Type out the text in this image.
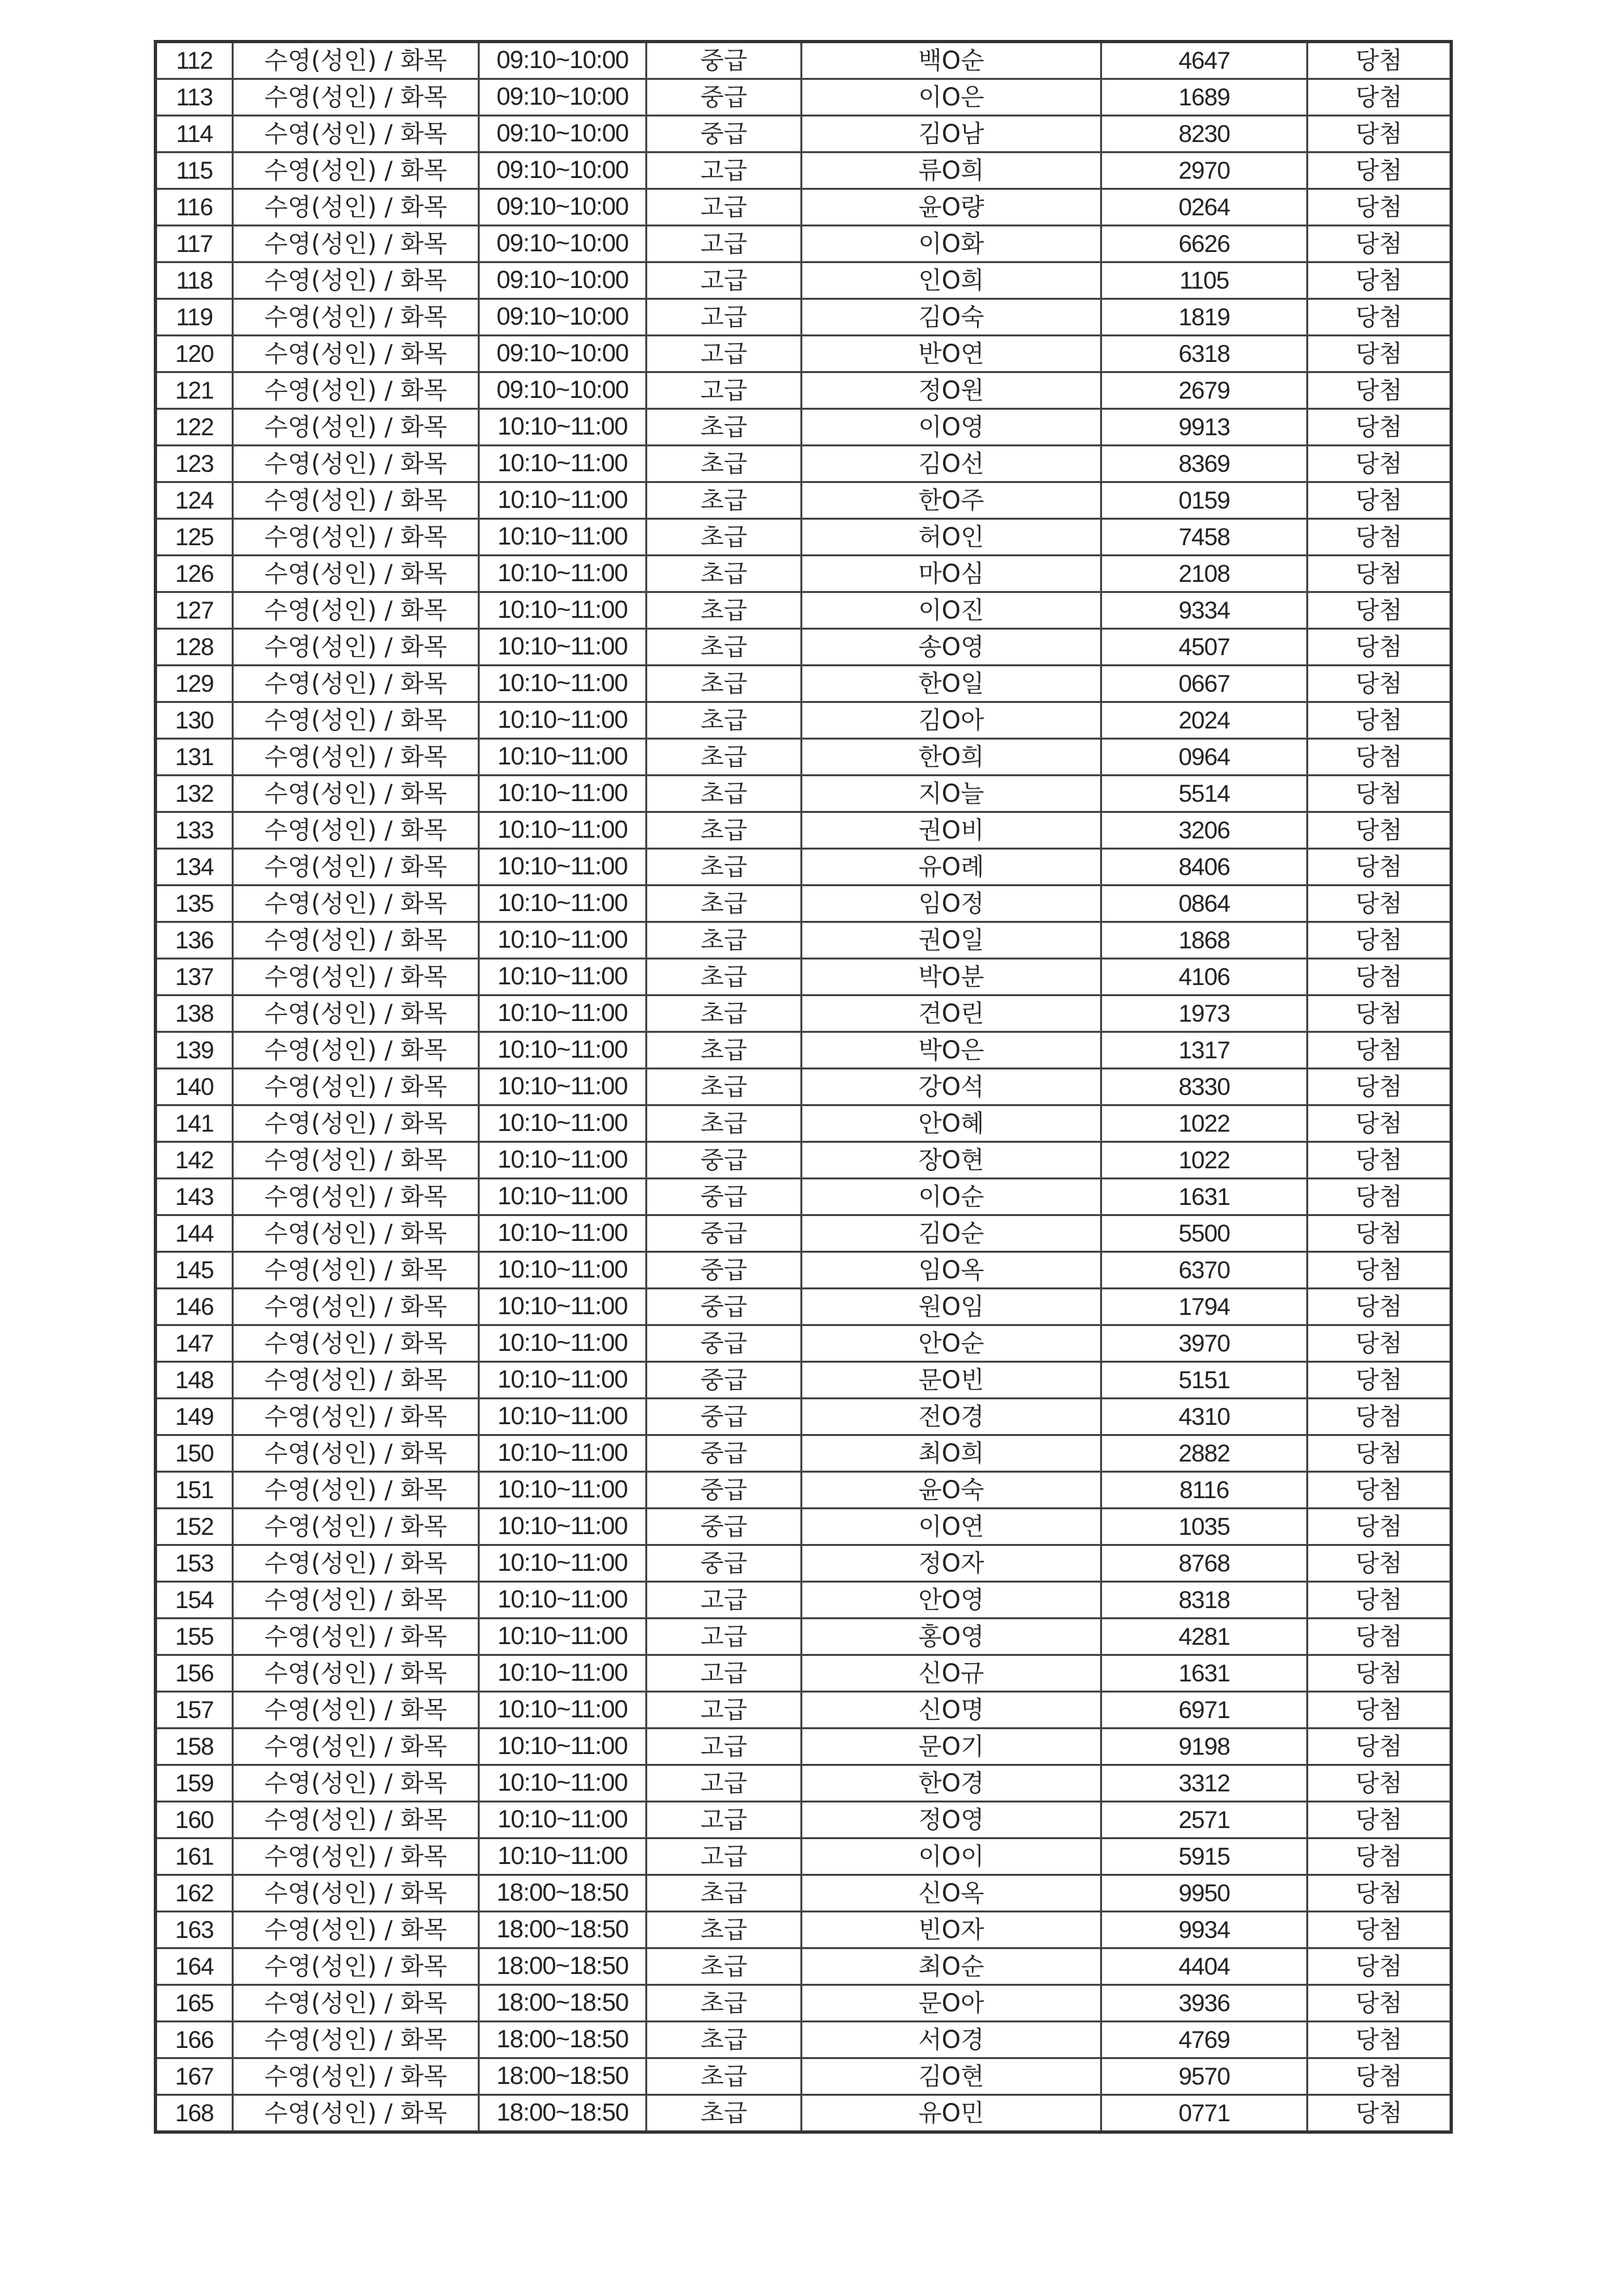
112	수영(성인) / 화목	09:10~10:00	중급	백O순	4647	당첨
113	수영(성인) / 화목	09:10~10:00	중급	이O은	1689	당첨
114	수영(성인) / 화목	09:10~10:00	중급	김O남	8230	당첨
115	수영(성인) / 화목	09:10~10:00	고급	류O희	2970	당첨
116	수영(성인) / 화목	09:10~10:00	고급	윤O량	0264	당첨
117	수영(성인) / 화목	09:10~10:00	고급	이O화	6626	당첨
118	수영(성인) / 화목	09:10~10:00	고급	인O희	1105	당첨
119	수영(성인) / 화목	09:10~10:00	고급	김O숙	1819	당첨
120	수영(성인) / 화목	09:10~10:00	고급	반O연	6318	당첨
121	수영(성인) / 화목	09:10~10:00	고급	정O원	2679	당첨
122	수영(성인) / 화목	10:10~11:00	초급	이O영	9913	당첨
123	수영(성인) / 화목	10:10~11:00	초급	김O선	8369	당첨
124	수영(성인) / 화목	10:10~11:00	초급	한O주	0159	당첨
125	수영(성인) / 화목	10:10~11:00	초급	허O인	7458	당첨
126	수영(성인) / 화목	10:10~11:00	초급	마O심	2108	당첨
127	수영(성인) / 화목	10:10~11:00	초급	이O진	9334	당첨
128	수영(성인) / 화목	10:10~11:00	초급	송O영	4507	당첨
129	수영(성인) / 화목	10:10~11:00	초급	한O일	0667	당첨
130	수영(성인) / 화목	10:10~11:00	초급	김O아	2024	당첨
131	수영(성인) / 화목	10:10~11:00	초급	한O희	0964	당첨
132	수영(성인) / 화목	10:10~11:00	초급	지O늘	5514	당첨
133	수영(성인) / 화목	10:10~11:00	초급	권O비	3206	당첨
134	수영(성인) / 화목	10:10~11:00	초급	유O례	8406	당첨
135	수영(성인) / 화목	10:10~11:00	초급	임O정	0864	당첨
136	수영(성인) / 화목	10:10~11:00	초급	권O일	1868	당첨
137	수영(성인) / 화목	10:10~11:00	초급	박O분	4106	당첨
138	수영(성인) / 화목	10:10~11:00	초급	견O린	1973	당첨
139	수영(성인) / 화목	10:10~11:00	초급	박O은	1317	당첨
140	수영(성인) / 화목	10:10~11:00	초급	강O석	8330	당첨
141	수영(성인) / 화목	10:10~11:00	초급	안O혜	1022	당첨
142	수영(성인) / 화목	10:10~11:00	중급	장O현	1022	당첨
143	수영(성인) / 화목	10:10~11:00	중급	이O순	1631	당첨
144	수영(성인) / 화목	10:10~11:00	중급	김O순	5500	당첨
145	수영(성인) / 화목	10:10~11:00	중급	임O옥	6370	당첨
146	수영(성인) / 화목	10:10~11:00	중급	원O임	1794	당첨
147	수영(성인) / 화목	10:10~11:00	중급	안O순	3970	당첨
148	수영(성인) / 화목	10:10~11:00	중급	문O빈	5151	당첨
149	수영(성인) / 화목	10:10~11:00	중급	전O경	4310	당첨
150	수영(성인) / 화목	10:10~11:00	중급	최O희	2882	당첨
151	수영(성인) / 화목	10:10~11:00	중급	윤O숙	8116	당첨
152	수영(성인) / 화목	10:10~11:00	중급	이O연	1035	당첨
153	수영(성인) / 화목	10:10~11:00	중급	정O자	8768	당첨
154	수영(성인) / 화목	10:10~11:00	고급	안O영	8318	당첨
155	수영(성인) / 화목	10:10~11:00	고급	홍O영	4281	당첨
156	수영(성인) / 화목	10:10~11:00	고급	신O규	1631	당첨
157	수영(성인) / 화목	10:10~11:00	고급	신O명	6971	당첨
158	수영(성인) / 화목	10:10~11:00	고급	문O기	9198	당첨
159	수영(성인) / 화목	10:10~11:00	고급	한O경	3312	당첨
160	수영(성인) / 화목	10:10~11:00	고급	정O영	2571	당첨
161	수영(성인) / 화목	10:10~11:00	고급	이O이	5915	당첨
162	수영(성인) / 화목	18:00~18:50	초급	신O옥	9950	당첨
163	수영(성인) / 화목	18:00~18:50	초급	빈O자	9934	당첨
164	수영(성인) / 화목	18:00~18:50	초급	최O순	4404	당첨
165	수영(성인) / 화목	18:00~18:50	초급	문O아	3936	당첨
166	수영(성인) / 화목	18:00~18:50	초급	서O경	4769	당첨
167	수영(성인) / 화목	18:00~18:50	초급	김O현	9570	당첨
168	수영(성인) / 화목	18:00~18:50	초급	유O민	0771	당첨
